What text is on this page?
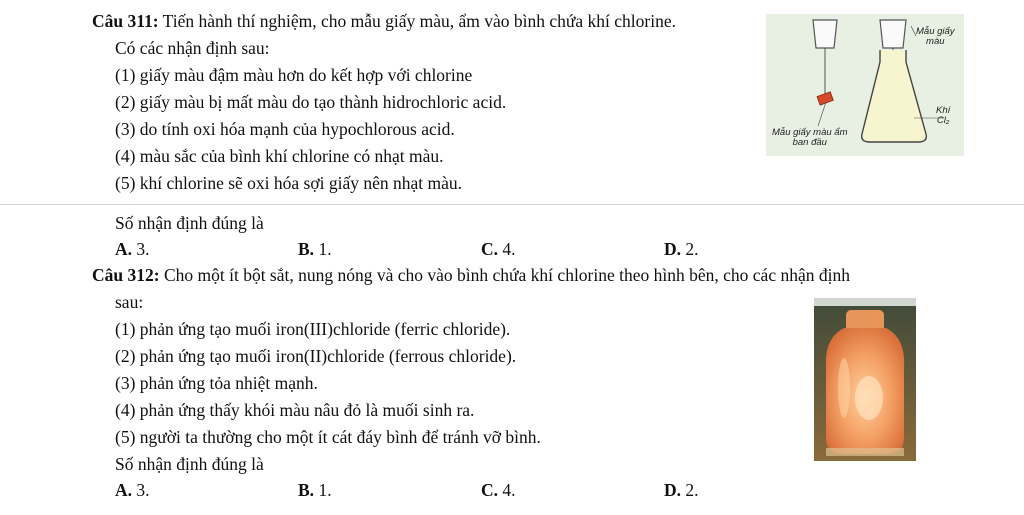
Câu 311: Tiến hành thí nghiệm, cho mẫu giấy màu, ẩm vào bình chứa khí chlorine.
Có các nhận định sau:
(1) giấy màu đậm màu hơn do kết hợp với chlorine
(2) giấy màu bị mất màu do tạo thành hidrochloric acid.
(3) do tính oxi hóa mạnh của hypochlorous acid.
(4) màu sắc của bình khí chlorine có nhạt màu.
(5) khí chlorine sẽ oxi hóa sợi giấy nên nhạt màu.
Mẫu giấy
màu
Khí
Cl₂
Mẫu giấy màu ẩm
ban đầu
Số nhận định đúng là
A. 3.	B. 1.	C. 4.	D. 2.
Câu 312: Cho một ít bột sắt, nung nóng và cho vào bình chứa khí chlorine theo hình bên, cho các nhận định
sau:
(1) phản ứng tạo muối iron(III)chloride (ferric chloride).
(2) phản ứng tạo muối iron(II)chloride (ferrous chloride).
(3) phản ứng tỏa nhiệt mạnh.
(4) phản ứng thấy khói màu nâu đỏ là muối sinh ra.
(5) người ta thường cho một ít cát đáy bình để tránh vỡ bình.
Số nhận định đúng là
A. 3.	B. 1.	C. 4.	D. 2.
